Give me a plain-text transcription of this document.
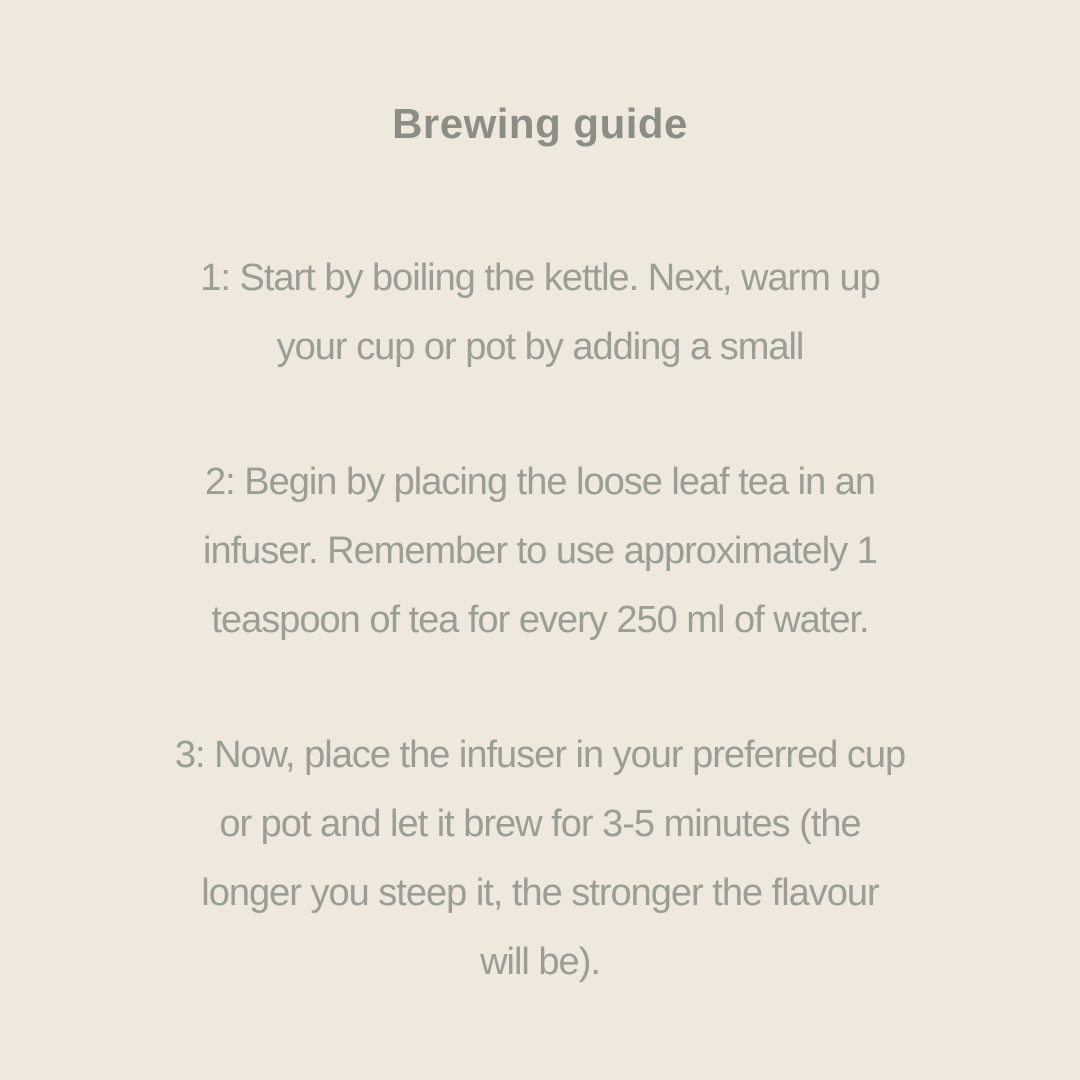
Brewing guide
1: Start by boiling the kettle. Next, warm up
your cup or pot by adding a small
2: Begin by placing the loose leaf tea in an
infuser. Remember to use approximately 1
teaspoon of tea for every 250 ml of water.
3: Now, place the infuser in your preferred cup
or pot and let it brew for 3-5 minutes (the
longer you steep it, the stronger the flavour
will be).
